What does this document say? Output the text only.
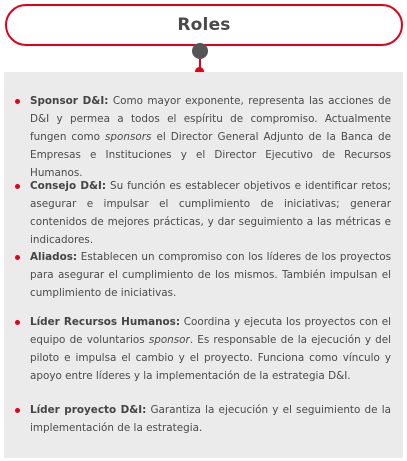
Roles
Sponsor D&I: Como mayor exponente, representa las acciones de D&I y permea a todos el espíritu de compromiso. Actualmente fungen como sponsors el Director General Adjunto de la Banca de Empresas e Instituciones y el Director Ejecutivo de Recursos Humanos.
Consejo D&I: Su función es establecer objetivos e identificar retos; asegurar e impulsar el cumplimiento de iniciativas; generar contenidos de mejores prácticas, y dar seguimiento a las métricas e indicadores.
Aliados: Establecen un compromiso con los líderes de los proyectos para asegurar el cumplimiento de los mismos. También impulsan el cumplimiento de iniciativas.
Líder Recursos Humanos: Coordina y ejecuta los proyectos con el equipo de voluntarios sponsor. Es responsable de la ejecución y del piloto e impulsa el cambio y el proyecto. Funciona como vínculo y apoyo entre líderes y la implementación de la estrategia D&I.
Líder proyecto D&I: Garantiza la ejecución y el seguimiento de la implementación de la estrategia.
